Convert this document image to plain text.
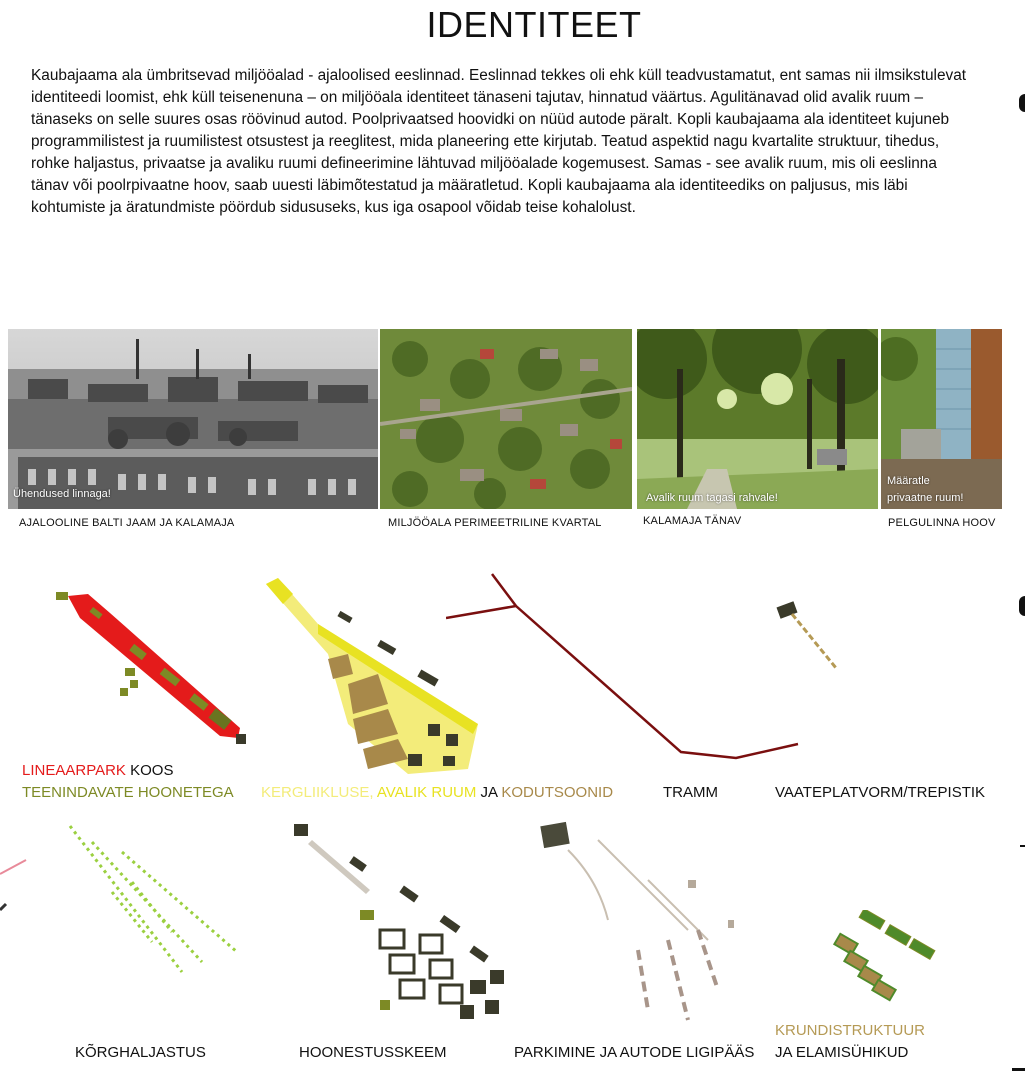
IDENTITEET

Kaubajaama ala ümbritsevad miljööalad - ajaloolised eeslinnad. Eeslinnad tekkes oli ehk küll teadvustamatut, ent samas nii ilmsikstulevat identiteedi loomist, ehk küll teisenenuna – on miljööala identiteet tänaseni tajutav, hinnatud väärtus. Agulitänavad olid avalik ruum – tänaseks on selle suures osas röövinud autod. Poolprivaatsed hoovidki on nüüd autode päralt. Kopli kaubajaama ala identiteet kujuneb programmilistest ja ruumilistest otsustest ja reeglitest, mida planeering ette kirjutab. Teatud aspektid nagu kvartalite struktuur, tihedus, rohke haljastus, privaatse ja avaliku ruumi defineerimine lähtuvad miljööalade kogemusest. Samas - see avalik ruum, mis oli eeslinna tänav või poolrpivaatne hoov, saab uuesti läbimõtestatud ja määratletud. Kopli kaubajaama ala identiteediks on paljusus, mis läbi kohtumiste ja äratundmiste pöördub sidususeks, kus iga osapool võidab teise kohalolust.

Ühendused linnaga!
AJALOOLINE BALTI JAAM JA KALAMAJA	MILJÖÖALA PERIMEETRILINE KVARTAL
Avalik ruum tagasi rahvale!
KALAMAJA TÄNAV
Määratle
privaatne ruum!
PELGULINNA HOOV
LINEAARPARK KOOS
TEENINDAVATE HOONETEGA KERGLIIKLUSE, AVALIK RUUM JA KODUTSOONID	TRAMM	VAATEPLATVORM/TREPISTIK
KÕRGHALJASTUS	HOONESTUSSKEEM	PARKIMINE JA AUTODE LIGIPÄÄS
KRUNDISTRUKTUUR
JA ELAMISÜHIKUD
